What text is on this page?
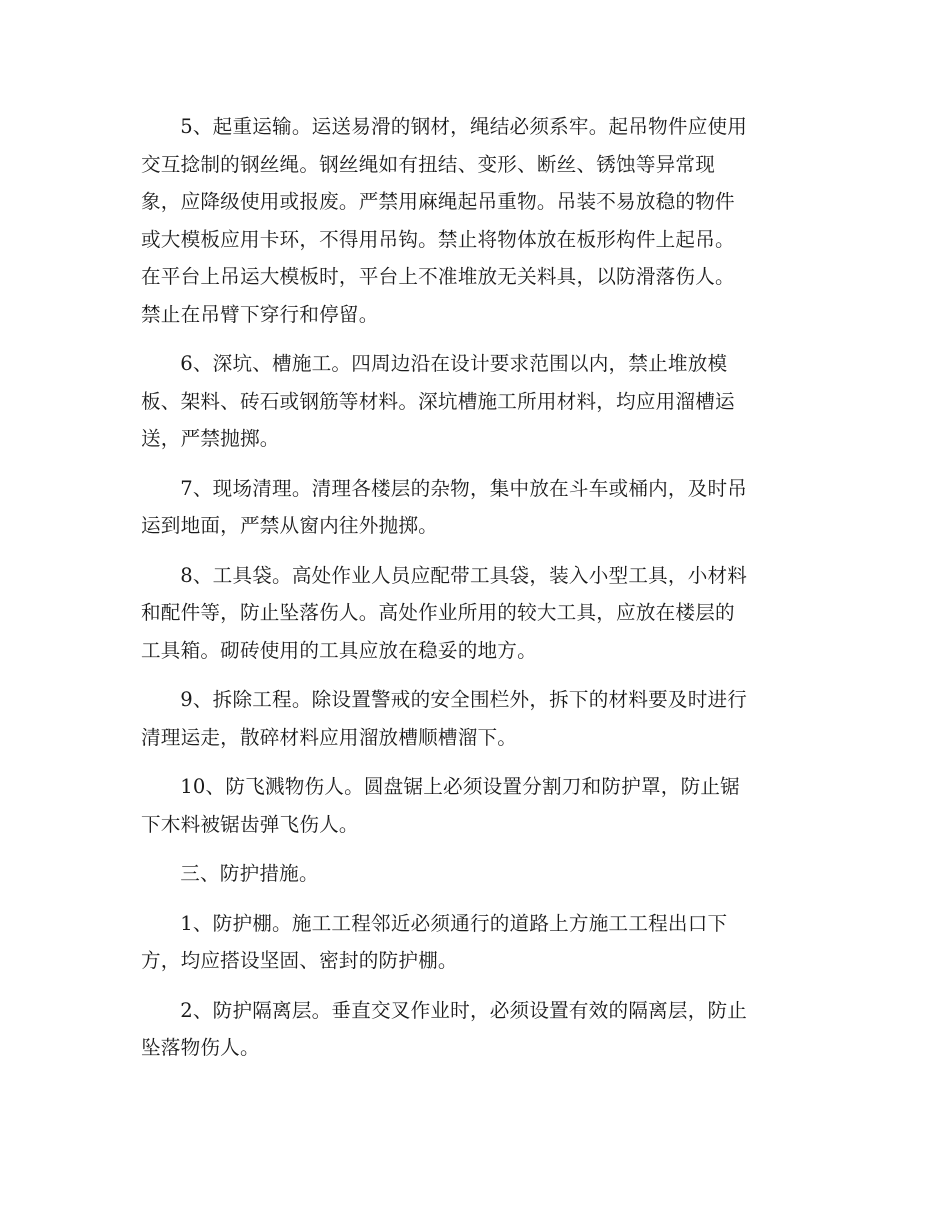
5、起重运输。运送易滑的钢材，绳结必须系牢。起吊物件应使用
交互捻制的钢丝绳。钢丝绳如有扭结、变形、断丝、锈蚀等异常现
象，应降级使用或报废。严禁用麻绳起吊重物。吊装不易放稳的物件
或大模板应用卡环，不得用吊钩。禁止将物体放在板形构件上起吊。
在平台上吊运大模板时，平台上不准堆放无关料具，以防滑落伤人。
禁止在吊臂下穿行和停留。
6、深坑、槽施工。四周边沿在设计要求范围以内，禁止堆放模
板、架料、砖石或钢筋等材料。深坑槽施工所用材料，均应用溜槽运
送，严禁抛掷。
7、现场清理。清理各楼层的杂物，集中放在斗车或桶内，及时吊
运到地面，严禁从窗内往外抛掷。
8、工具袋。高处作业人员应配带工具袋，装入小型工具，小材料
和配件等，防止坠落伤人。高处作业所用的较大工具，应放在楼层的
工具箱。砌砖使用的工具应放在稳妥的地方。
9、拆除工程。除设置警戒的安全围栏外，拆下的材料要及时进行
清理运走，散碎材料应用溜放槽顺槽溜下。
10、防飞溅物伤人。圆盘锯上必须设置分割刀和防护罩，防止锯
下木料被锯齿弹飞伤人。
三、防护措施。
1、防护棚。施工工程邻近必须通行的道路上方施工工程出口下
方，均应搭设坚固、密封的防护棚。
2、防护隔离层。垂直交叉作业时，必须设置有效的隔离层，防止
坠落物伤人。
